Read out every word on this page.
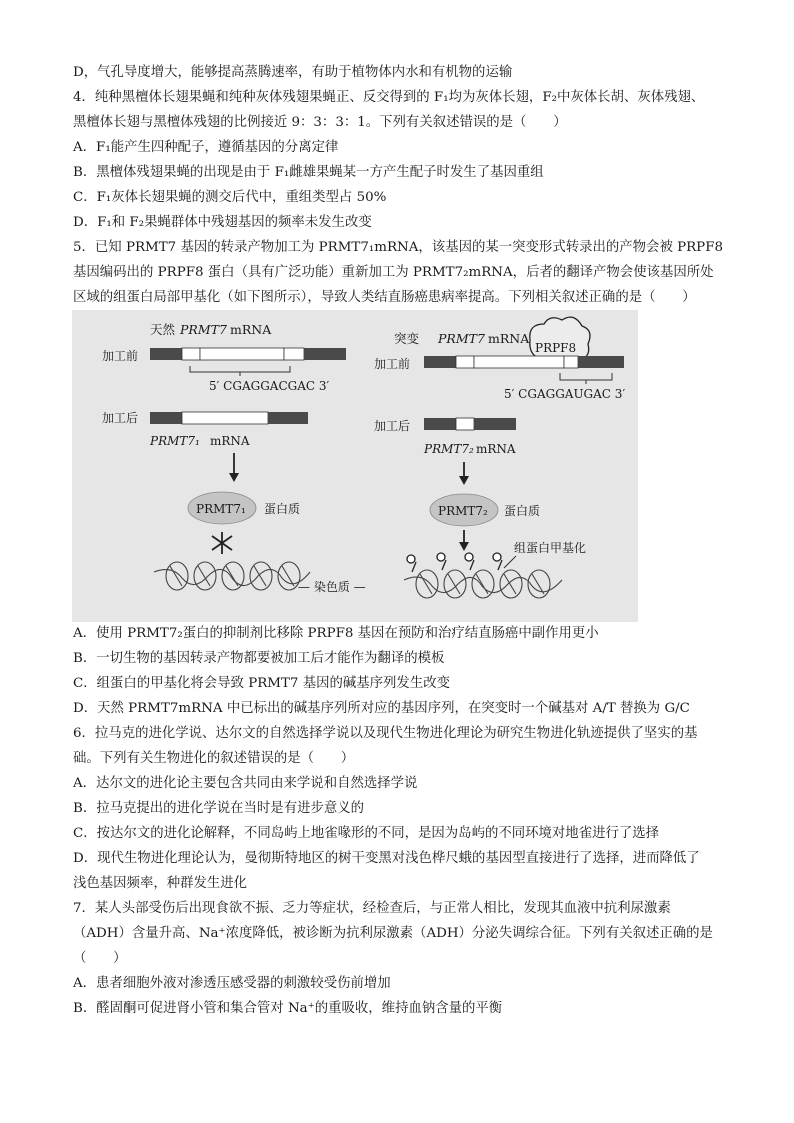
D，气孔导度增大，能够提高蒸腾速率，有助于植物体内水和有机物的运输
4．纯种黑檀体长翅果蝇和纯种灰体残翅果蝇正、反交得到的 F₁均为灰体长翅，F₂中灰体长胡、灰体残翅、
黑檀体长翅与黑檀体残翅的比例接近 9：3：3：1。下列有关叙述错误的是（　　）
A．F₁能产生四种配子，遵循基因的分离定律
B．黑檀体残翅果蝇的出现是由于 F₁雌雄果蝇某一方产生配子时发生了基因重组
C．F₁灰体长翅果蝇的测交后代中，重组类型占 50%
D．F₁和 F₂果蝇群体中残翅基因的频率未发生改变
5．已知 PRMT7 基因的转录产物加工为 PRMT7₁mRNA，该基因的某一突变形式转录出的产物会被 PRPF8
基因编码出的 PRPF8 蛋白（具有广泛功能）重新加工为 PRMT7₂mRNA，后者的翻译产物会使该基因所处
区域的组蛋白局部甲基化（如下图所示），导致人类结直肠癌患病率提高。下列相关叙述正确的是（　　）
天然 PRMT7 mRNA
加工前
5′ CGAGGACGAC 3′
加工后
PRMT7₁ mRNA
PRMT7₁ 蛋白质
— 染色质 —
突变 PRMT7 mRNA
PRPF8
加工前
5′ CGAGGAUGAC 3′
加工后
PRMT7₂ mRNA
PRMT7₂ 蛋白质
组蛋白甲基化
A．使用 PRMT7₂蛋白的抑制剂比移除 PRPF8 基因在预防和治疗结直肠癌中副作用更小
B．一切生物的基因转录产物都要被加工后才能作为翻译的模板
C．组蛋白的甲基化将会导致 PRMT7 基因的碱基序列发生改变
D．天然 PRMT7mRNA 中已标出的碱基序列所对应的基因序列，在突变时一个碱基对 A/T 替换为 G/C
6．拉马克的进化学说、达尔文的自然选择学说以及现代生物进化理论为研究生物进化轨迹提供了坚实的基
础。下列有关生物进化的叙述错误的是（　　）
A．达尔文的进化论主要包含共同由来学说和自然选择学说
B．拉马克提出的进化学说在当时是有进步意义的
C．按达尔文的进化论解释，不同岛屿上地雀喙形的不同，是因为岛屿的不同环境对地雀进行了选择
D．现代生物进化理论认为，曼彻斯特地区的树干变黑对浅色桦尺蛾的基因型直接进行了选择，进而降低了
浅色基因频率，种群发生进化
7．某人头部受伤后出现食欲不振、乏力等症状，经检查后，与正常人相比，发现其血液中抗利尿激素
（ADH）含量升高、Na⁺浓度降低，被诊断为抗利尿激素（ADH）分泌失调综合征。下列有关叙述正确的是
（　　）
A．患者细胞外液对渗透压感受器的刺激较受伤前增加
B．醛固酮可促进肾小管和集合管对 Na⁺的重吸收，维持血钠含量的平衡
